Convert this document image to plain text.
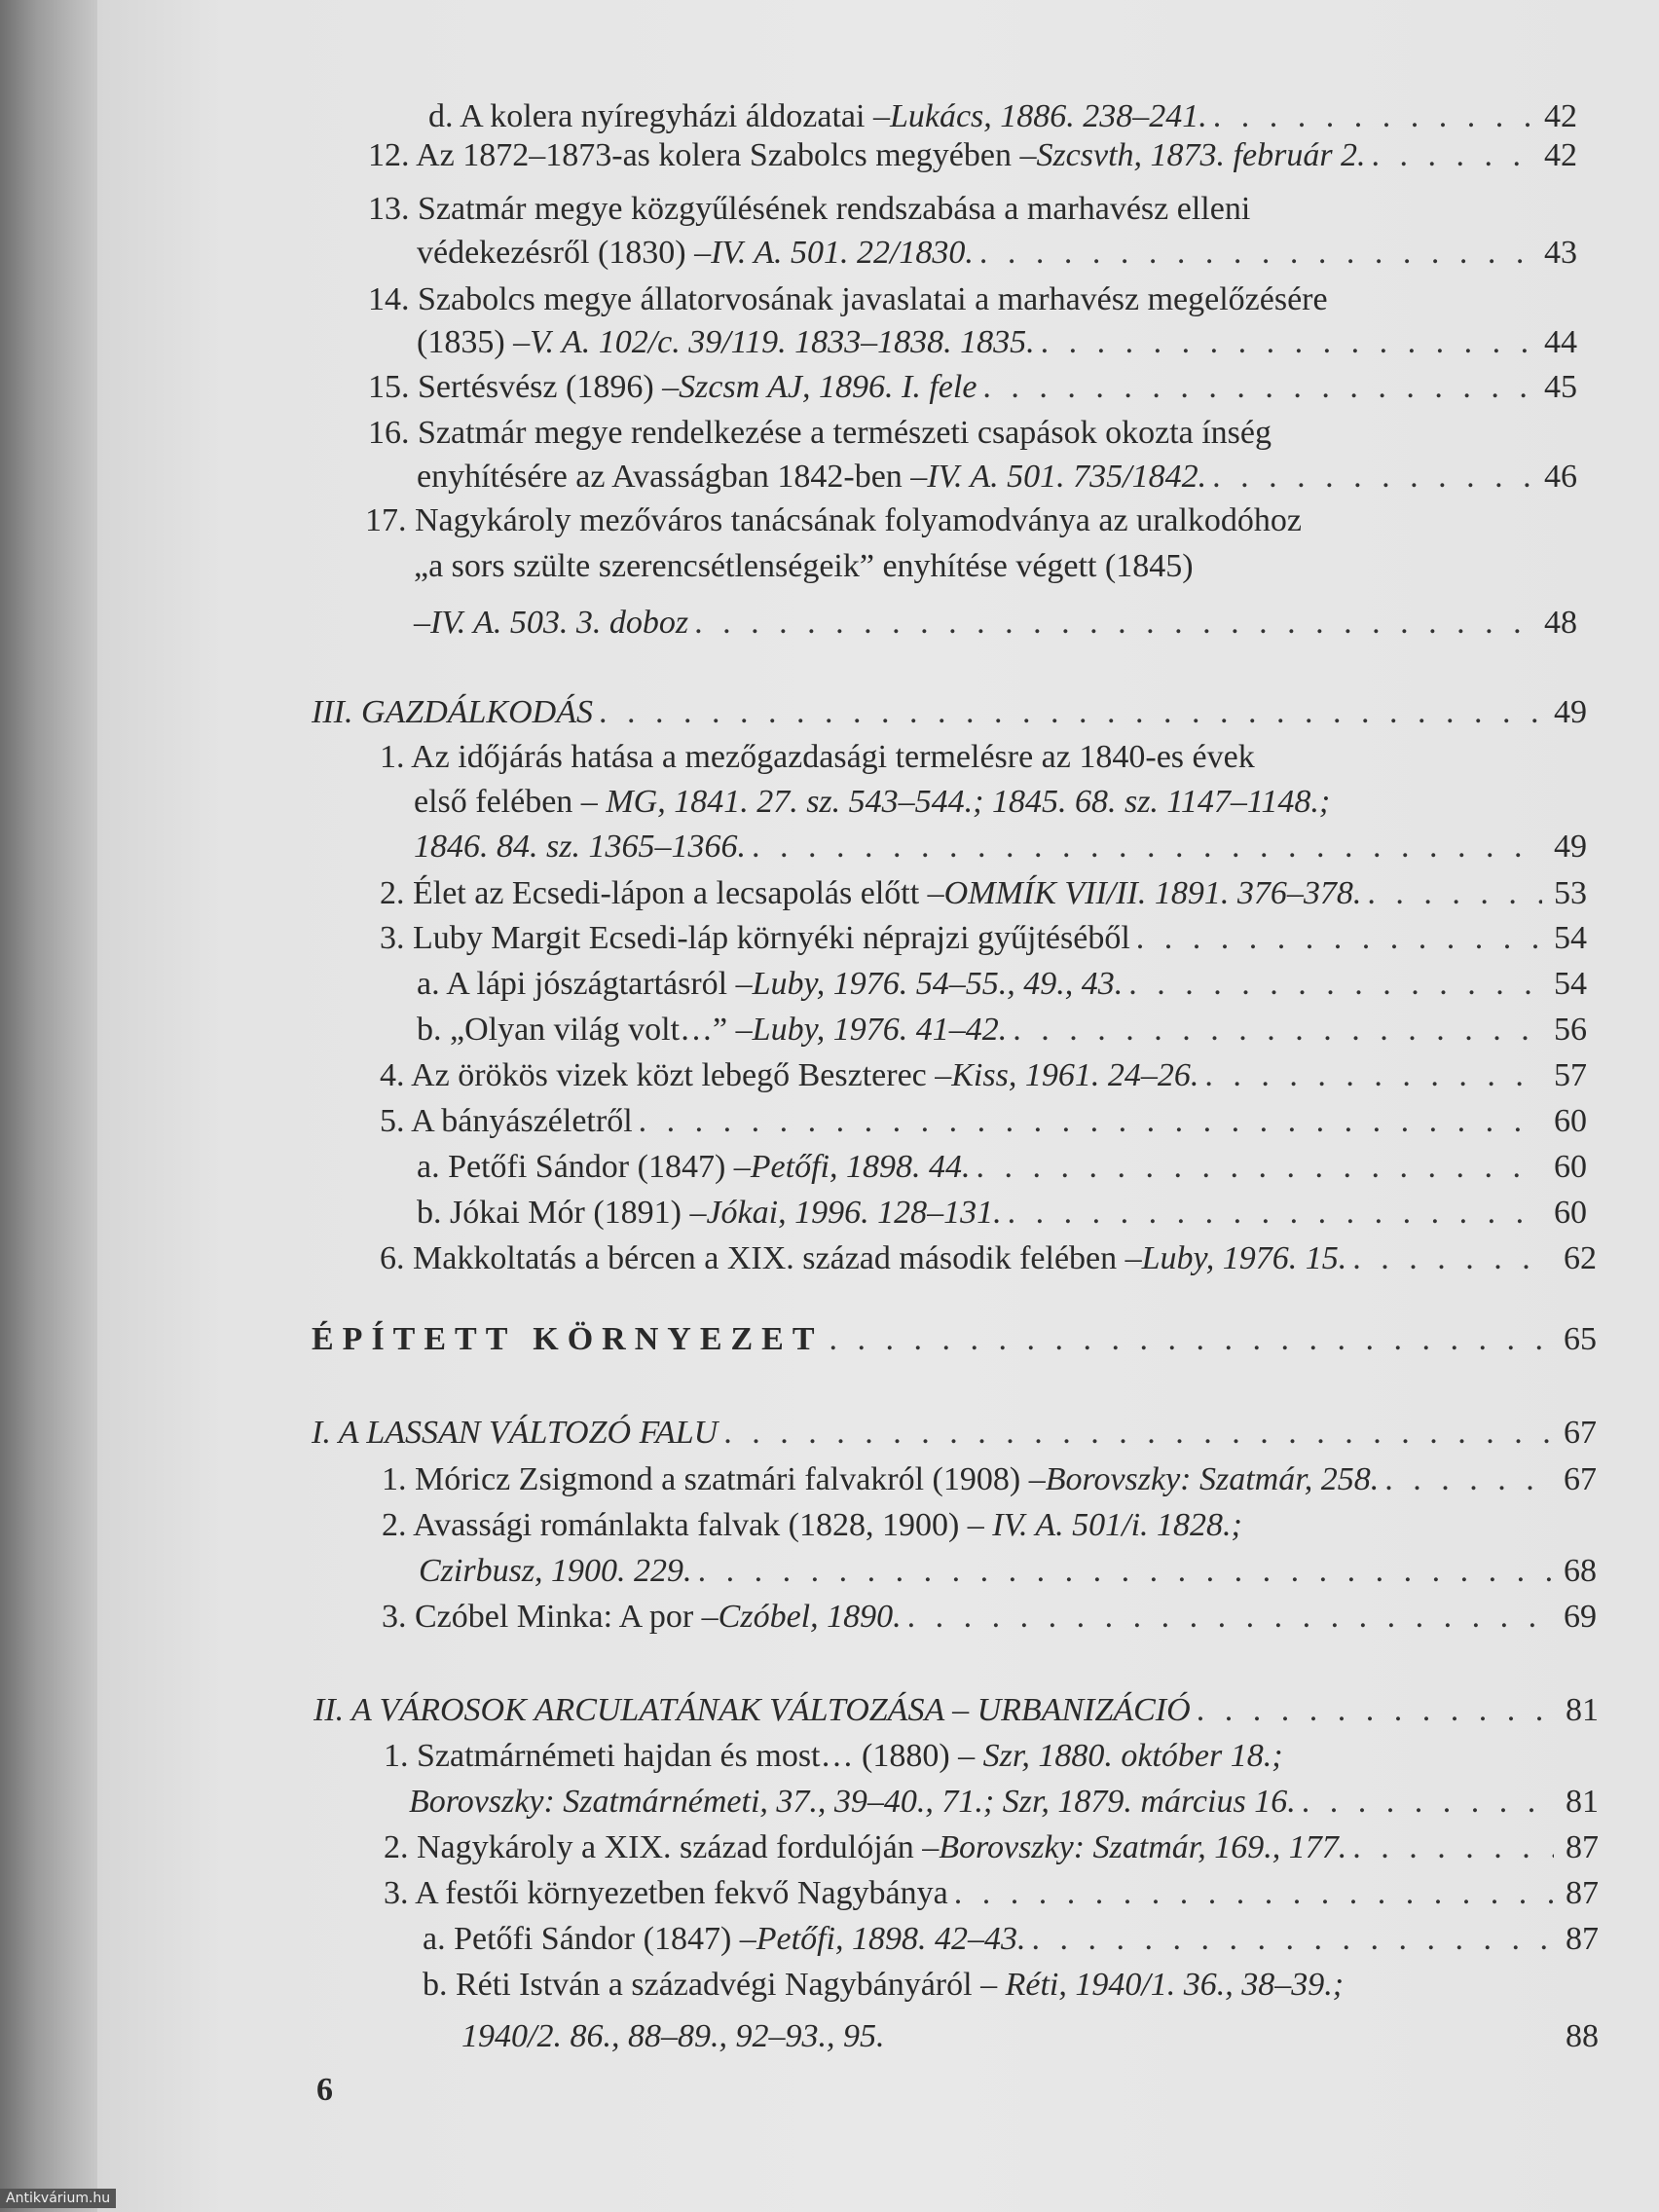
d. A kolera nyíregyházi áldozatai – Lukács, 1886. 238–241. . . .	42
12. Az 1872–1873-as kolera Szabolcs megyében – Szcsvth, 1873. február 2. . . .	42
13. Szatmár megye közgyűlésének rendszabása a marhavész elleni
védekezésről (1830) – IV. A. 501. 22/1830. . . .	43
14. Szabolcs megye állatorvosának javaslatai a marhavész megelőzésére
(1835) – V. A. 102/c. 39/119. 1833–1838. 1835. . . .	44
15. Sertésvész (1896) – Szcsm AJ, 1896. I. fele . . .	45
16. Szatmár megye rendelkezése a természeti csapások okozta ínség
enyhítésére az Avasságban 1842-ben – IV. A. 501. 735/1842. . . .	46
17. Nagykároly mezőváros tanácsának folyamodványa az uralkodóhoz
„a sors szülte szerencsétlenségeik” enyhítése végett (1845)
– IV. A. 503. 3. doboz . . .	48
III. GAZDÁLKODÁS . . .	49
1. Az időjárás hatása a mezőgazdasági termelésre az 1840-es évek
első felében – MG, 1841. 27. sz. 543–544.; 1845. 68. sz. 1147–1148.;
1846. 84. sz. 1365–1366. . . .	49
2. Élet az Ecsedi-lápon a lecsapolás előtt – OMMÍK VII/II. 1891. 376–378. . . .	53
3. Luby Margit Ecsedi-láp környéki néprajzi gyűjtéséből . . .	54
a. A lápi jószágtartásról – Luby, 1976. 54–55., 49., 43. . . .	54
b. „Olyan világ volt…” – Luby, 1976. 41–42. . . .	56
4. Az örökös vizek közt lebegő Beszterec – Kiss, 1961. 24–26. . . .	57
5. A bányászéletről . . .	60
a. Petőfi Sándor (1847) – Petőfi, 1898. 44. . . .	60
b. Jókai Mór (1891) – Jókai, 1996. 128–131. . . .	60
6. Makkoltatás a bércen a XIX. század második felében – Luby, 1976. 15. . . .	62
ÉPÍTETT KÖRNYEZET . . .	65
I. A LASSAN VÁLTOZÓ FALU . . .	67
1. Móricz Zsigmond a szatmári falvakról (1908) – Borovszky: Szatmár, 258. . . .	67
2. Avassági románlakta falvak (1828, 1900) – IV. A. 501/i. 1828.;
Czirbusz, 1900. 229. . . .	68
3. Czóbel Minka: A por – Czóbel, 1890. . . .	69
II. A VÁROSOK ARCULATÁNAK VÁLTOZÁSA – URBANIZÁCIÓ . . .	81
1. Szatmárnémeti hajdan és most… (1880) – Szr, 1880. október 18.;
Borovszky: Szatmárnémeti, 37., 39–40., 71.; Szr, 1879. március 16. . . .	81
2. Nagykároly a XIX. század fordulóján – Borovszky: Szatmár, 169., 177. . . .	87
3. A festői környezetben fekvő Nagybánya . . .	87
a. Petőfi Sándor (1847) – Petőfi, 1898. 42–43. . . .	87
b. Réti István a századvégi Nagybányáról – Réti, 1940/1. 36., 38–39.;
1940/2. 86., 88–89., 92–93., 95.	88
6
Antikvárium.hu
